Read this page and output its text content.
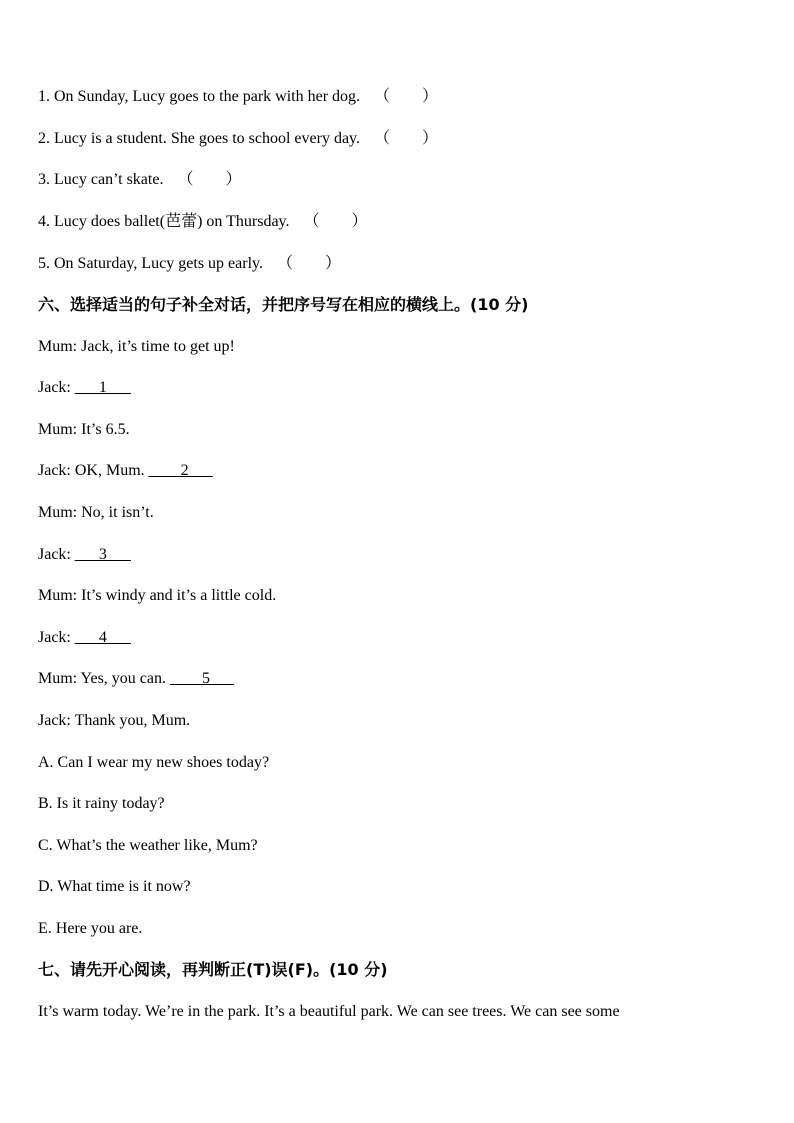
1. On Sunday, Lucy goes to the park with her dog. （　　 ）
2. Lucy is a student. She goes to school every day. （　　 ）
3. Lucy can’t skate. （　　 ）
4. Lucy does ballet(芭蕾) on Thursday. （　　 ）
5. On Saturday, Lucy gets up early. （　　 ）
六、选择适当的句子补全对话，并把序号写在相应的横线上。(10 分)
Mum: Jack, it’s time to get up!
Jack: ___1___
Mum: It’s 6.5.
Jack: OK, Mum. ____2___
Mum: No, it isn’t.
Jack: ___3___
Mum: It’s windy and it’s a little cold.
Jack: ___4___
Mum: Yes, you can. ____5___
Jack: Thank you, Mum.
A. Can I wear my new shoes today?
B. Is it rainy today?
C. What’s the weather like, Mum?
D. What time is it now?
E. Here you are.
七、请先开心阅读，再判断正(T)误(F)。(10 分)
It’s warm today. We’re in the park. It’s a beautiful park. We can see trees. We can see some
